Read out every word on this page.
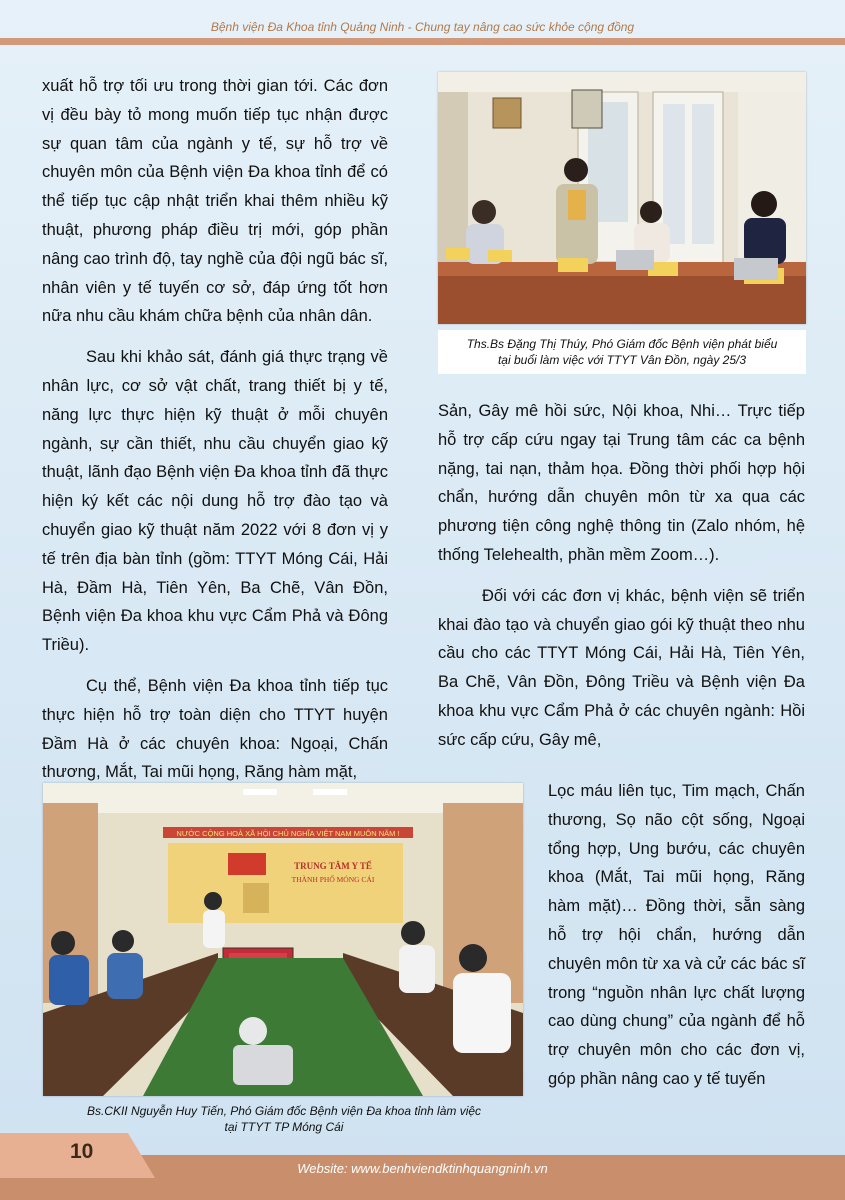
Bệnh viện Đa Khoa tỉnh Quảng Ninh - Chung tay nâng cao sức khỏe cộng đồng

xuất hỗ trợ tối ưu trong thời gian tới. Các đơn vị đều bày tỏ mong muốn tiếp tục nhận được sự quan tâm của ngành y tế, sự hỗ trợ về chuyên môn của Bệnh viện Đa khoa tỉnh để có thể tiếp tục cập nhật triển khai thêm nhiều kỹ thuật, phương pháp điều trị mới, góp phần nâng cao trình độ, tay nghề của đội ngũ bác sĩ, nhân viên y tế tuyến cơ sở, đáp ứng tốt hơn nữa nhu cầu khám chữa bệnh của nhân dân.

Sau khi khảo sát, đánh giá thực trạng về nhân lực, cơ sở vật chất, trang thiết bị y tế, năng lực thực hiện kỹ thuật ở mỗi chuyên ngành, sự cần thiết, nhu cầu chuyển giao kỹ thuật, lãnh đạo Bệnh viện Đa khoa tỉnh đã thực hiện ký kết các nội dung hỗ trợ đào tạo và chuyển giao kỹ thuật năm 2022 với 8 đơn vị y tế trên địa bàn tỉnh (gồm: TTYT Móng Cái, Hải Hà, Đầm Hà, Tiên Yên, Ba Chẽ, Vân Đồn, Bệnh viện Đa khoa khu vực Cẩm Phả và Đông Triều).

Cụ thể, Bệnh viện Đa khoa tỉnh tiếp tục thực hiện hỗ trợ toàn diện cho TTYT huyện Đầm Hà ở các chuyên khoa: Ngoại, Chấn thương, Mắt, Tai mũi họng, Răng hàm mặt,

Ths.Bs Đặng Thị Thúy, Phó Giám đốc Bệnh viện phát biểu
tại buổi làm việc với TTYT Vân Đồn, ngày 25/3

Sản, Gây mê hồi sức, Nội khoa, Nhi… Trực tiếp hỗ trợ cấp cứu ngay tại Trung tâm các ca bệnh nặng, tai nạn, thảm họa. Đồng thời phối hợp hội chẩn, hướng dẫn chuyên môn từ xa qua các phương tiện công nghệ thông tin (Zalo nhóm, hệ thống Telehealth, phần mềm Zoom…).

Đối với các đơn vị khác, bệnh viện sẽ triển khai đào tạo và chuyển giao gói kỹ thuật theo nhu cầu cho các TTYT Móng Cái, Hải Hà, Tiên Yên, Ba Chẽ, Vân Đồn, Đông Triều và Bệnh viện Đa khoa khu vực Cẩm Phả ở các chuyên ngành: Hồi sức cấp cứu, Gây mê,

NƯỚC CỘNG HOÀ XÃ HỘI CHỦ NGHĨA VIỆT NAM MUÔN NĂM !
TRUNG TÂM Y TẾ
THÀNH PHỐ MÓNG CÁI
Bs.CKII Nguyễn Huy Tiến, Phó Giám đốc Bệnh viện Đa khoa tỉnh làm việc
tại TTYT TP Móng Cái

Lọc máu liên tục, Tim mạch, Chấn thương, Sọ não cột sống, Ngoại tổng hợp, Ung bướu, các chuyên khoa (Mắt, Tai mũi họng, Răng hàm mặt)… Đồng thời, sẵn sàng hỗ trợ hội chẩn, hướng dẫn chuyên môn từ xa và cử các bác sĩ trong “nguồn nhân lực chất lượng cao dùng chung” của ngành để hỗ trợ chuyên môn cho các đơn vị, góp phần nâng cao y tế tuyến

10
Website: www.benhviendktinhquangninh.vn
